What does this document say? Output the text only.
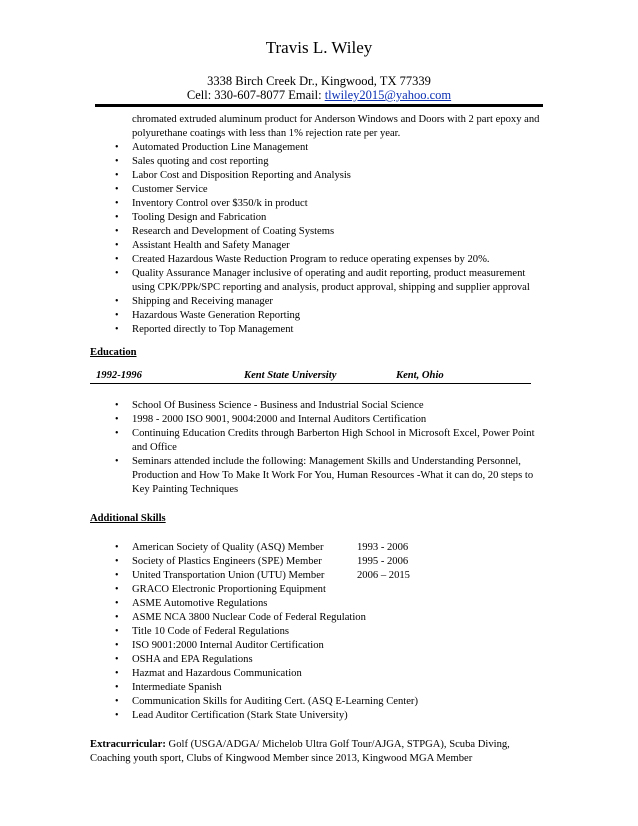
Travis L. Wiley
3338 Birch Creek Dr., Kingwood, TX 77339
Cell: 330-607-8077 Email: tlwiley2015@yahoo.com

chromated extruded aluminum product for Anderson Windows and Doors with 2 part epoxy and polyurethane coatings with less than 1% rejection rate per year.

• Automated Production Line Management
• Sales quoting and cost reporting
• Labor Cost and Disposition Reporting and Analysis
• Customer Service
• Inventory Control over $350/k in product
• Tooling Design and Fabrication
• Research and Development of Coating Systems
• Assistant Health and Safety Manager
• Created Hazardous Waste Reduction Program to reduce operating expenses by 20%.
• Quality Assurance Manager inclusive of operating and audit reporting, product measurement using CPK/PPk/SPC reporting and analysis, product approval, shipping and supplier approval
• Shipping and Receiving manager
• Hazardous Waste Generation Reporting
• Reported directly to Top Management
Education
1992-1996	Kent State University	Kent, Ohio
• School Of Business Science - Business and Industrial Social Science
• 1998 - 2000 ISO 9001, 9004:2000 and Internal Auditors Certification
• Continuing Education Credits through Barberton High School in Microsoft Excel, Power Point and Office
• Seminars attended include the following: Management Skills and Understanding Personnel, Production and How To Make It Work For You, Human Resources -What it can do, 20 steps to Key Painting Techniques
Additional Skills
• American Society of Quality (ASQ) Member	1993 - 2006
• Society of Plastics Engineers (SPE) Member	1995 - 2006
• United Transportation Union (UTU) Member	2006 – 2015
• GRACO Electronic Proportioning Equipment
• ASME Automotive Regulations
• ASME NCA 3800 Nuclear Code of Federal Regulation
• Title 10 Code of Federal Regulations
• ISO 9001:2000 Internal Auditor Certification
• OSHA and EPA Regulations
• Hazmat and Hazardous Communication
• Intermediate Spanish
• Communication Skills for Auditing Cert. (ASQ E-Learning Center)
• Lead Auditor Certification (Stark State University)
Extracurricular: Golf (USGA/ADGA/ Michelob Ultra Golf Tour/AJGA, STPGA), Scuba Diving, Coaching youth sport, Clubs of Kingwood Member since 2013, Kingwood MGA Member
